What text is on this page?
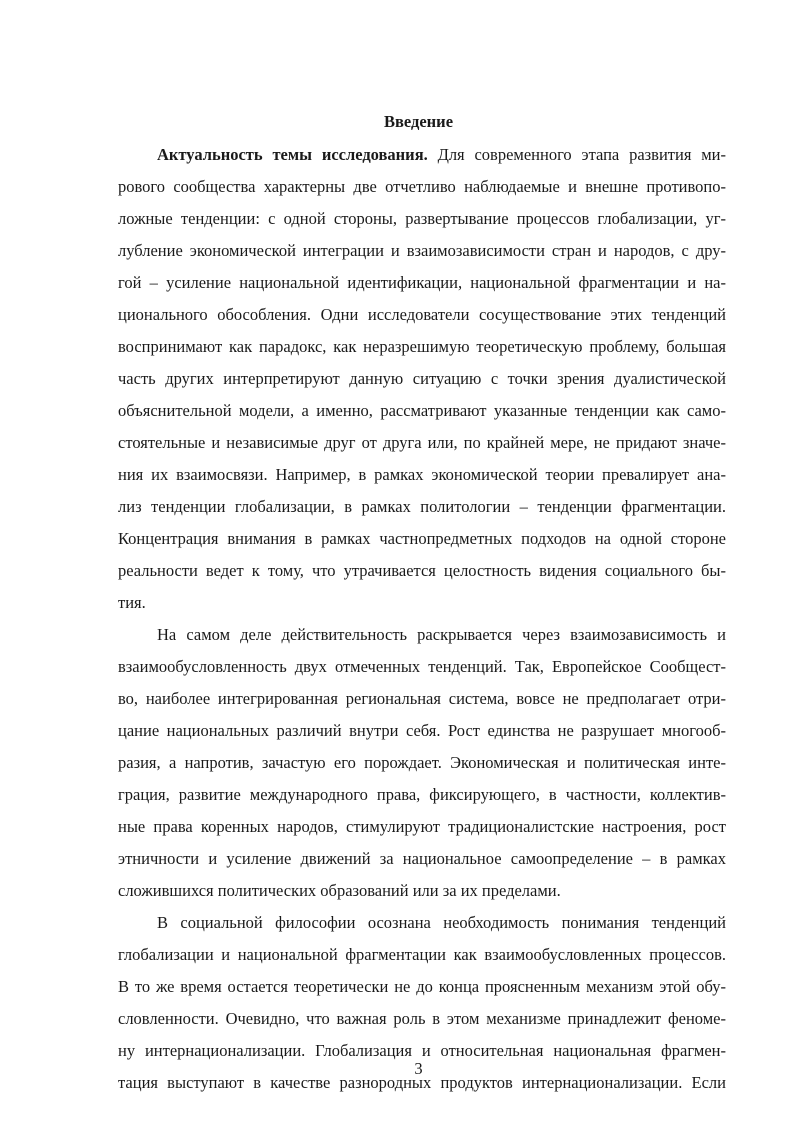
Введение

Актуальность темы исследования. Для современного этапа развития ми-

рового сообщества характерны две отчетливо наблюдаемые и внешне противопо-

ложные тенденции: с одной стороны, развертывание процессов глобализации, уг-

лубление экономической интеграции и взаимозависимости стран и народов, с дру-

гой – усиление национальной идентификации, национальной фрагментации и на-

ционального обособления. Одни исследователи сосуществование этих тенденций

воспринимают как парадокс, как неразрешимую теоретическую проблему, большая

часть других интерпретируют данную ситуацию с точки зрения дуалистической

объяснительной модели, а именно, рассматривают указанные тенденции как само-

стоятельные и независимые друг от друга или, по крайней мере, не придают значе-

ния их взаимосвязи. Например, в рамках экономической теории превалирует ана-

лиз тенденции глобализации, в рамках политологии – тенденции фрагментации.

Концентрация внимания в рамках частнопредметных подходов на одной стороне

реальности ведет к тому, что утрачивается целостность видения социального бы-

тия.

На самом деле действительность раскрывается через взаимозависимость и

взаимообусловленность двух отмеченных тенденций. Так, Европейское Сообщест-

во, наиболее интегрированная региональная система, вовсе не предполагает отри-

цание национальных различий внутри себя. Рост единства не разрушает многооб-

разия, а напротив, зачастую его порождает. Экономическая и политическая инте-

грация, развитие международного права, фиксирующего, в частности, коллектив-

ные права коренных народов, стимулируют традиционалистские настроения, рост

этничности и усиление движений за национальное самоопределение – в рамках

сложившихся политических образований или за их пределами.

В социальной философии осознана необходимость понимания тенденций

глобализации и национальной фрагментации как взаимообусловленных процессов.

В то же время остается теоретически не до конца проясненным механизм этой обу-

словленности. Очевидно, что важная роль в этом механизме принадлежит феноме-

ну интернационализации. Глобализация и относительная национальная фрагмен-

тация выступают в качестве разнородных продуктов интернационализации. Если

3
